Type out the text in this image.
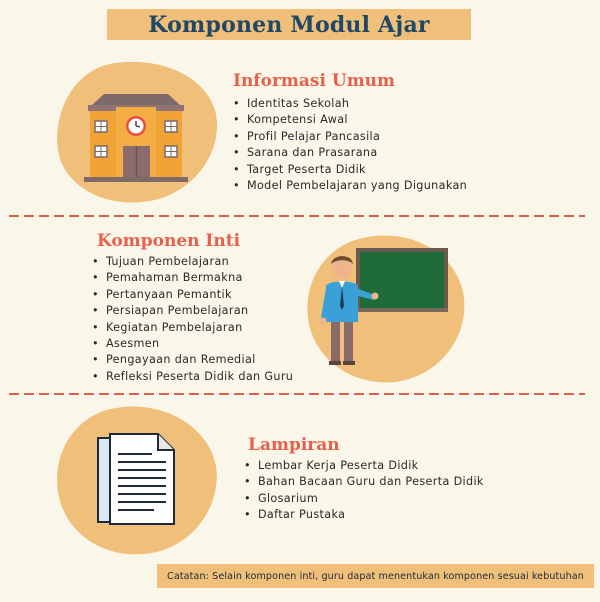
Komponen Modul Ajar
Informasi Umum
• Identitas Sekolah
• Kompetensi Awal
• Profil Pelajar Pancasila
• Sarana dan Prasarana
• Target Peserta Didik
• Model Pembelajaran yang Digunakan
Komponen Inti
• Tujuan Pembelajaran
• Pemahaman Bermakna
• Pertanyaan Pemantik
• Persiapan Pembelajaran
• Kegiatan Pembelajaran
• Asesmen
• Pengayaan dan Remedial
• Refleksi Peserta Didik dan Guru
Lampiran
• Lembar Kerja Peserta Didik
• Bahan Bacaan Guru dan Peserta Didik
• Glosarium
• Daftar Pustaka
Catatan: Selain komponen inti, guru dapat menentukan komponen sesuai kebutuhan
